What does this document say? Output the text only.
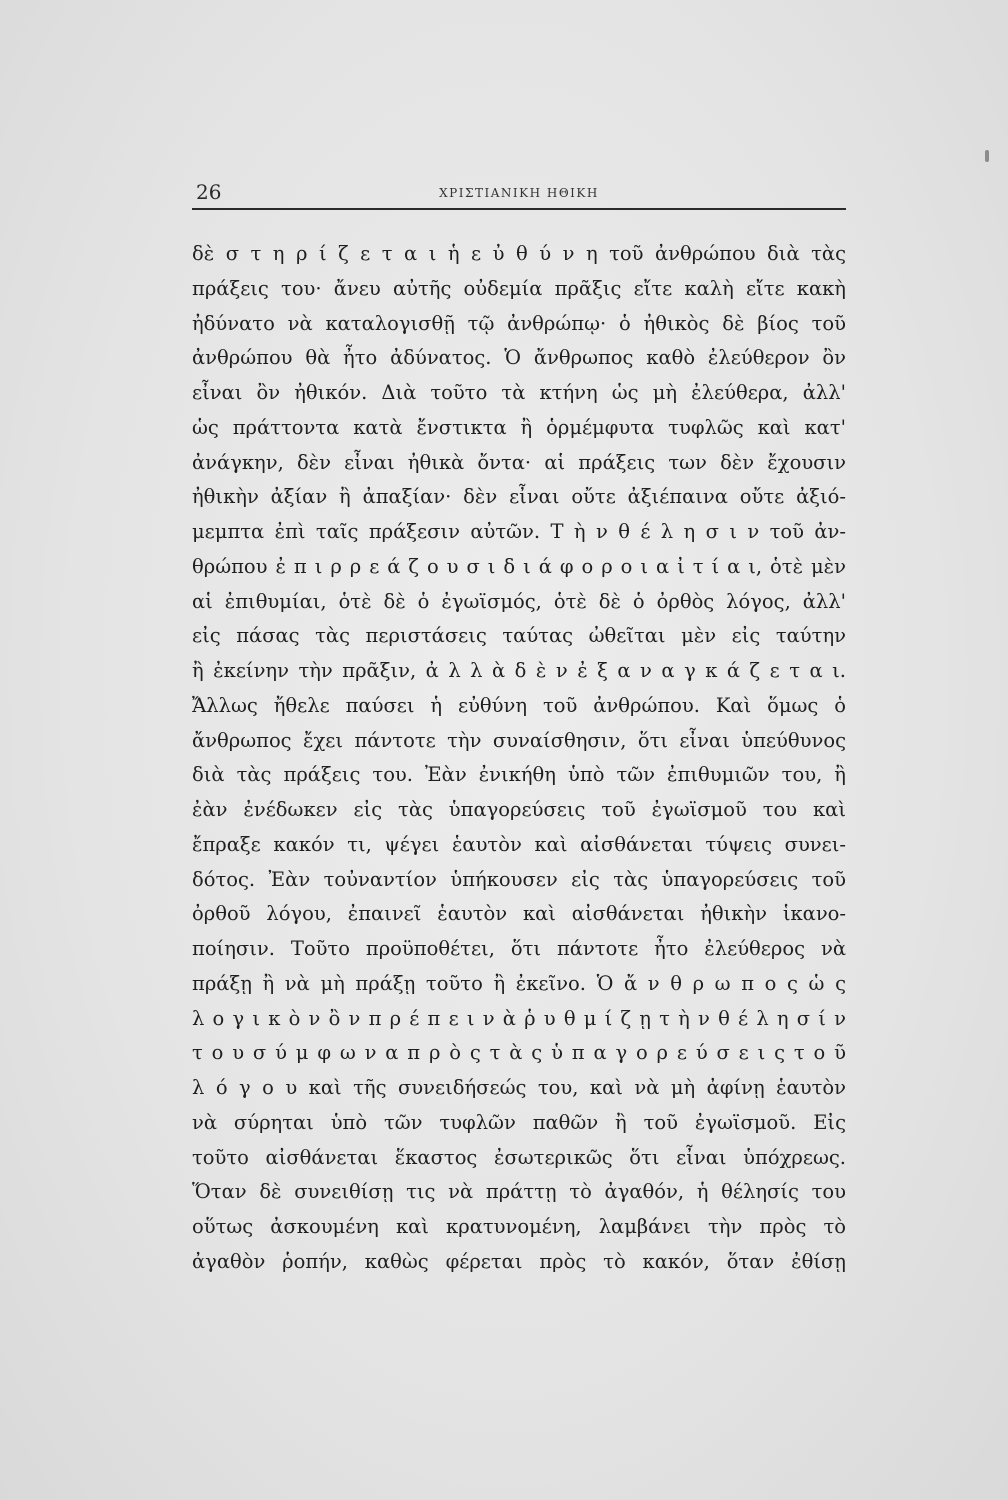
26	ΧΡΙΣΤΙΑΝΙΚΗ ΗΘΙΚΗ
δὲ σ τ η ρ ί ζ ε τ α ι ἡ ε ὐ θ ύ ν η τοῦ ἀνθρώπου διὰ τὰς
πράξεις του· ἄνευ αὐτῆς οὐδεμία πρᾶξις εἴτε καλὴ εἴτε κακὴ
ἠδύνατο νὰ καταλογισθῇ τῷ ἀνθρώπῳ· ὁ ἠθικὸς δὲ βίος τοῦ
ἀνθρώπου θὰ ἦτο ἀδύνατος. Ὁ ἄνθρωπος καθὸ ἐλεύθερον ὂν
εἶναι ὂν ἠθικόν. Διὰ τοῦτο τὰ κτήνη ὡς μὴ ἐλεύθερα, ἀλλ'
ὡς πράττοντα κατὰ ἔνστικτα ἢ ὁρμέμφυτα τυφλῶς καὶ κατ'
ἀνάγκην, δὲν εἶναι ἠθικὰ ὄντα· αἱ πράξεις των δὲν ἔχουσιν
ἠθικὴν ἀξίαν ἢ ἀπαξίαν· δὲν εἶναι οὔτε ἀξιέπαινα οὔτε ἀξιό-
μεμπτα ἐπὶ ταῖς πράξεσιν αὐτῶν. Τ ὴ ν θ έ λ η σ ι ν τοῦ ἀν-
θρώπου ἐ π ι ρ ρ ε ά ζ ο υ σ ι δ ι ά φ ο ρ ο ι α ἰ τ ί α ι, ὁτὲ μὲν
αἱ ἐπιθυμίαι, ὁτὲ δὲ ὁ ἐγωϊσμός, ὁτὲ δὲ ὁ ὀρθὸς λόγος, ἀλλ'
εἰς πάσας τὰς περιστάσεις ταύτας ὠθεῖται μὲν εἰς ταύτην
ἢ ἐκείνην τὴν πρᾶξιν, ἀ λ λ ὰ δ ὲ ν ἐ ξ α ν α γ κ ά ζ ε τ α ι.
Ἄλλως ἤθελε παύσει ἡ εὐθύνη τοῦ ἀνθρώπου. Καὶ ὅμως ὁ
ἄνθρωπος ἔχει πάντοτε τὴν συναίσθησιν, ὅτι εἶναι ὑπεύθυνος
διὰ τὰς πράξεις του. Ἐὰν ἐνικήθη ὑπὸ τῶν ἐπιθυμιῶν του, ἢ
ἐὰν ἐνέδωκεν εἰς τὰς ὑπαγορεύσεις τοῦ ἐγωϊσμοῦ του καὶ
ἔπραξε κακόν τι, ψέγει ἑαυτὸν καὶ αἰσθάνεται τύψεις συνει-
δότος. Ἐὰν τοὐναντίον ὑπήκουσεν εἰς τὰς ὑπαγορεύσεις τοῦ
ὀρθοῦ λόγου, ἐπαινεῖ ἑαυτὸν καὶ αἰσθάνεται ἠθικὴν ἱκανο-
ποίησιν. Τοῦτο προϋποθέτει, ὅτι πάντοτε ἦτο ἐλεύθερος νὰ
πράξῃ ἢ νὰ μὴ πράξῃ τοῦτο ἢ ἐκεῖνο. Ὁ ἄ ν θ ρ ω π ο ς ὡ ς
λ ο γ ι κ ὸ ν ὂ ν π ρ έ π ε ι ν ὰ ῥ υ θ μ ί ζ ῃ τ ὴ ν θ έ λ η σ ί ν
τ ο υ σ ύ μ φ ω ν α π ρ ὸ ς τ ὰ ς ὑ π α γ ο ρ ε ύ σ ε ι ς τ ο ῦ
λ ό γ ο υ καὶ τῆς συνειδήσεώς του, καὶ νὰ μὴ ἀφίνῃ ἑαυτὸν
νὰ σύρηται ὑπὸ τῶν τυφλῶν παθῶν ἢ τοῦ ἐγωϊσμοῦ. Εἰς
τοῦτο αἰσθάνεται ἕκαστος ἐσωτερικῶς ὅτι εἶναι ὑπόχρεως.
Ὅταν δὲ συνειθίσῃ τις νὰ πράττῃ τὸ ἀγαθόν, ἡ θέλησίς του
οὕτως ἀσκουμένη καὶ κρατυνομένη, λαμβάνει τὴν πρὸς τὸ
ἀγαθὸν ῥοπήν, καθὼς φέρεται πρὸς τὸ κακόν, ὅταν ἐθίσῃ
